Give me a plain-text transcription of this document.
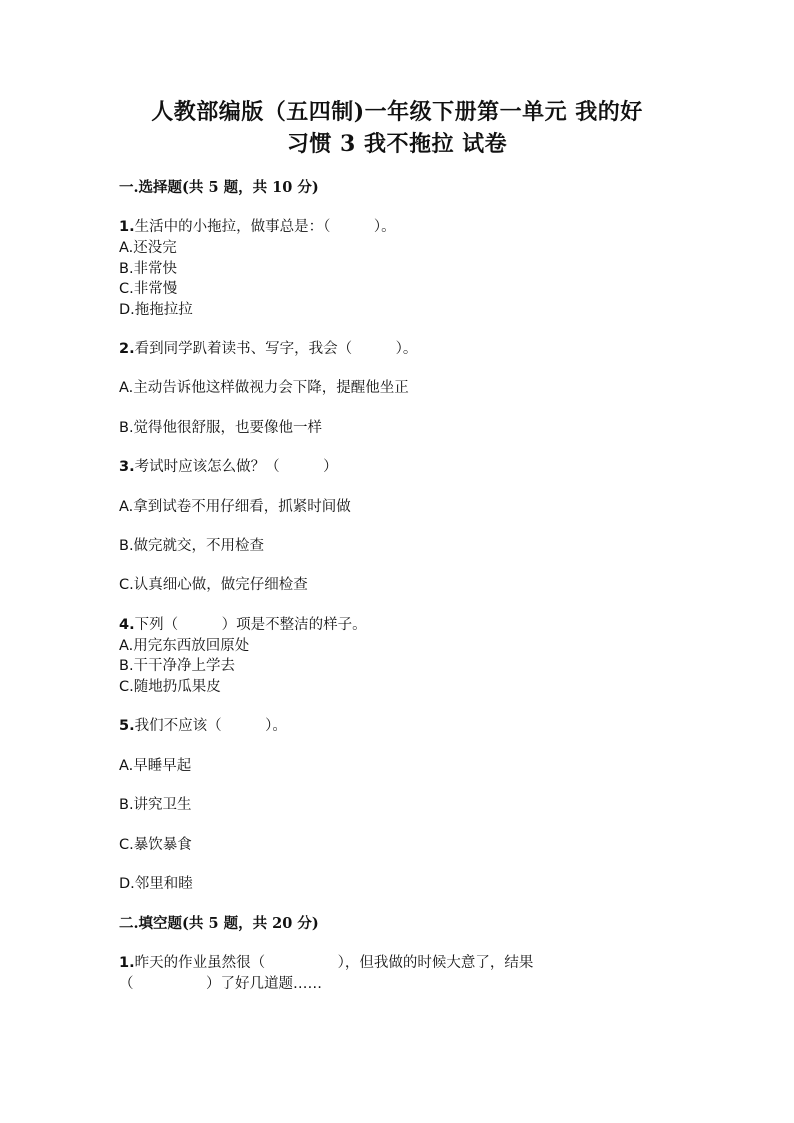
人教部编版（五四制)一年级下册第一单元 我的好
习惯 3 我不拖拉 试卷
一.选择题(共 5 题，共 10 分)
1.生活中的小拖拉，做事总是：（　　　）。
A.还没完
B.非常快
C.非常慢
D.拖拖拉拉
2.看到同学趴着读书、写字，我会（　　　）。
A.主动告诉他这样做视力会下降，提醒他坐正
B.觉得他很舒服，也要像他一样
3.考试时应该怎么做？（　　　）
A.拿到试卷不用仔细看，抓紧时间做
B.做完就交，不用检查
C.认真细心做，做完仔细检查
4.下列（　　　）项是不整洁的样子。
A.用完东西放回原处
B.干干净净上学去
C.随地扔瓜果皮
5.我们不应该（　　　）。
A.早睡早起
B.讲究卫生
C.暴饮暴食
D.邻里和睦
二.填空题(共 5 题，共 20 分)
1.昨天的作业虽然很（　　　　　），但我做的时候大意了，结果
（　　　　　）了好几道题……
